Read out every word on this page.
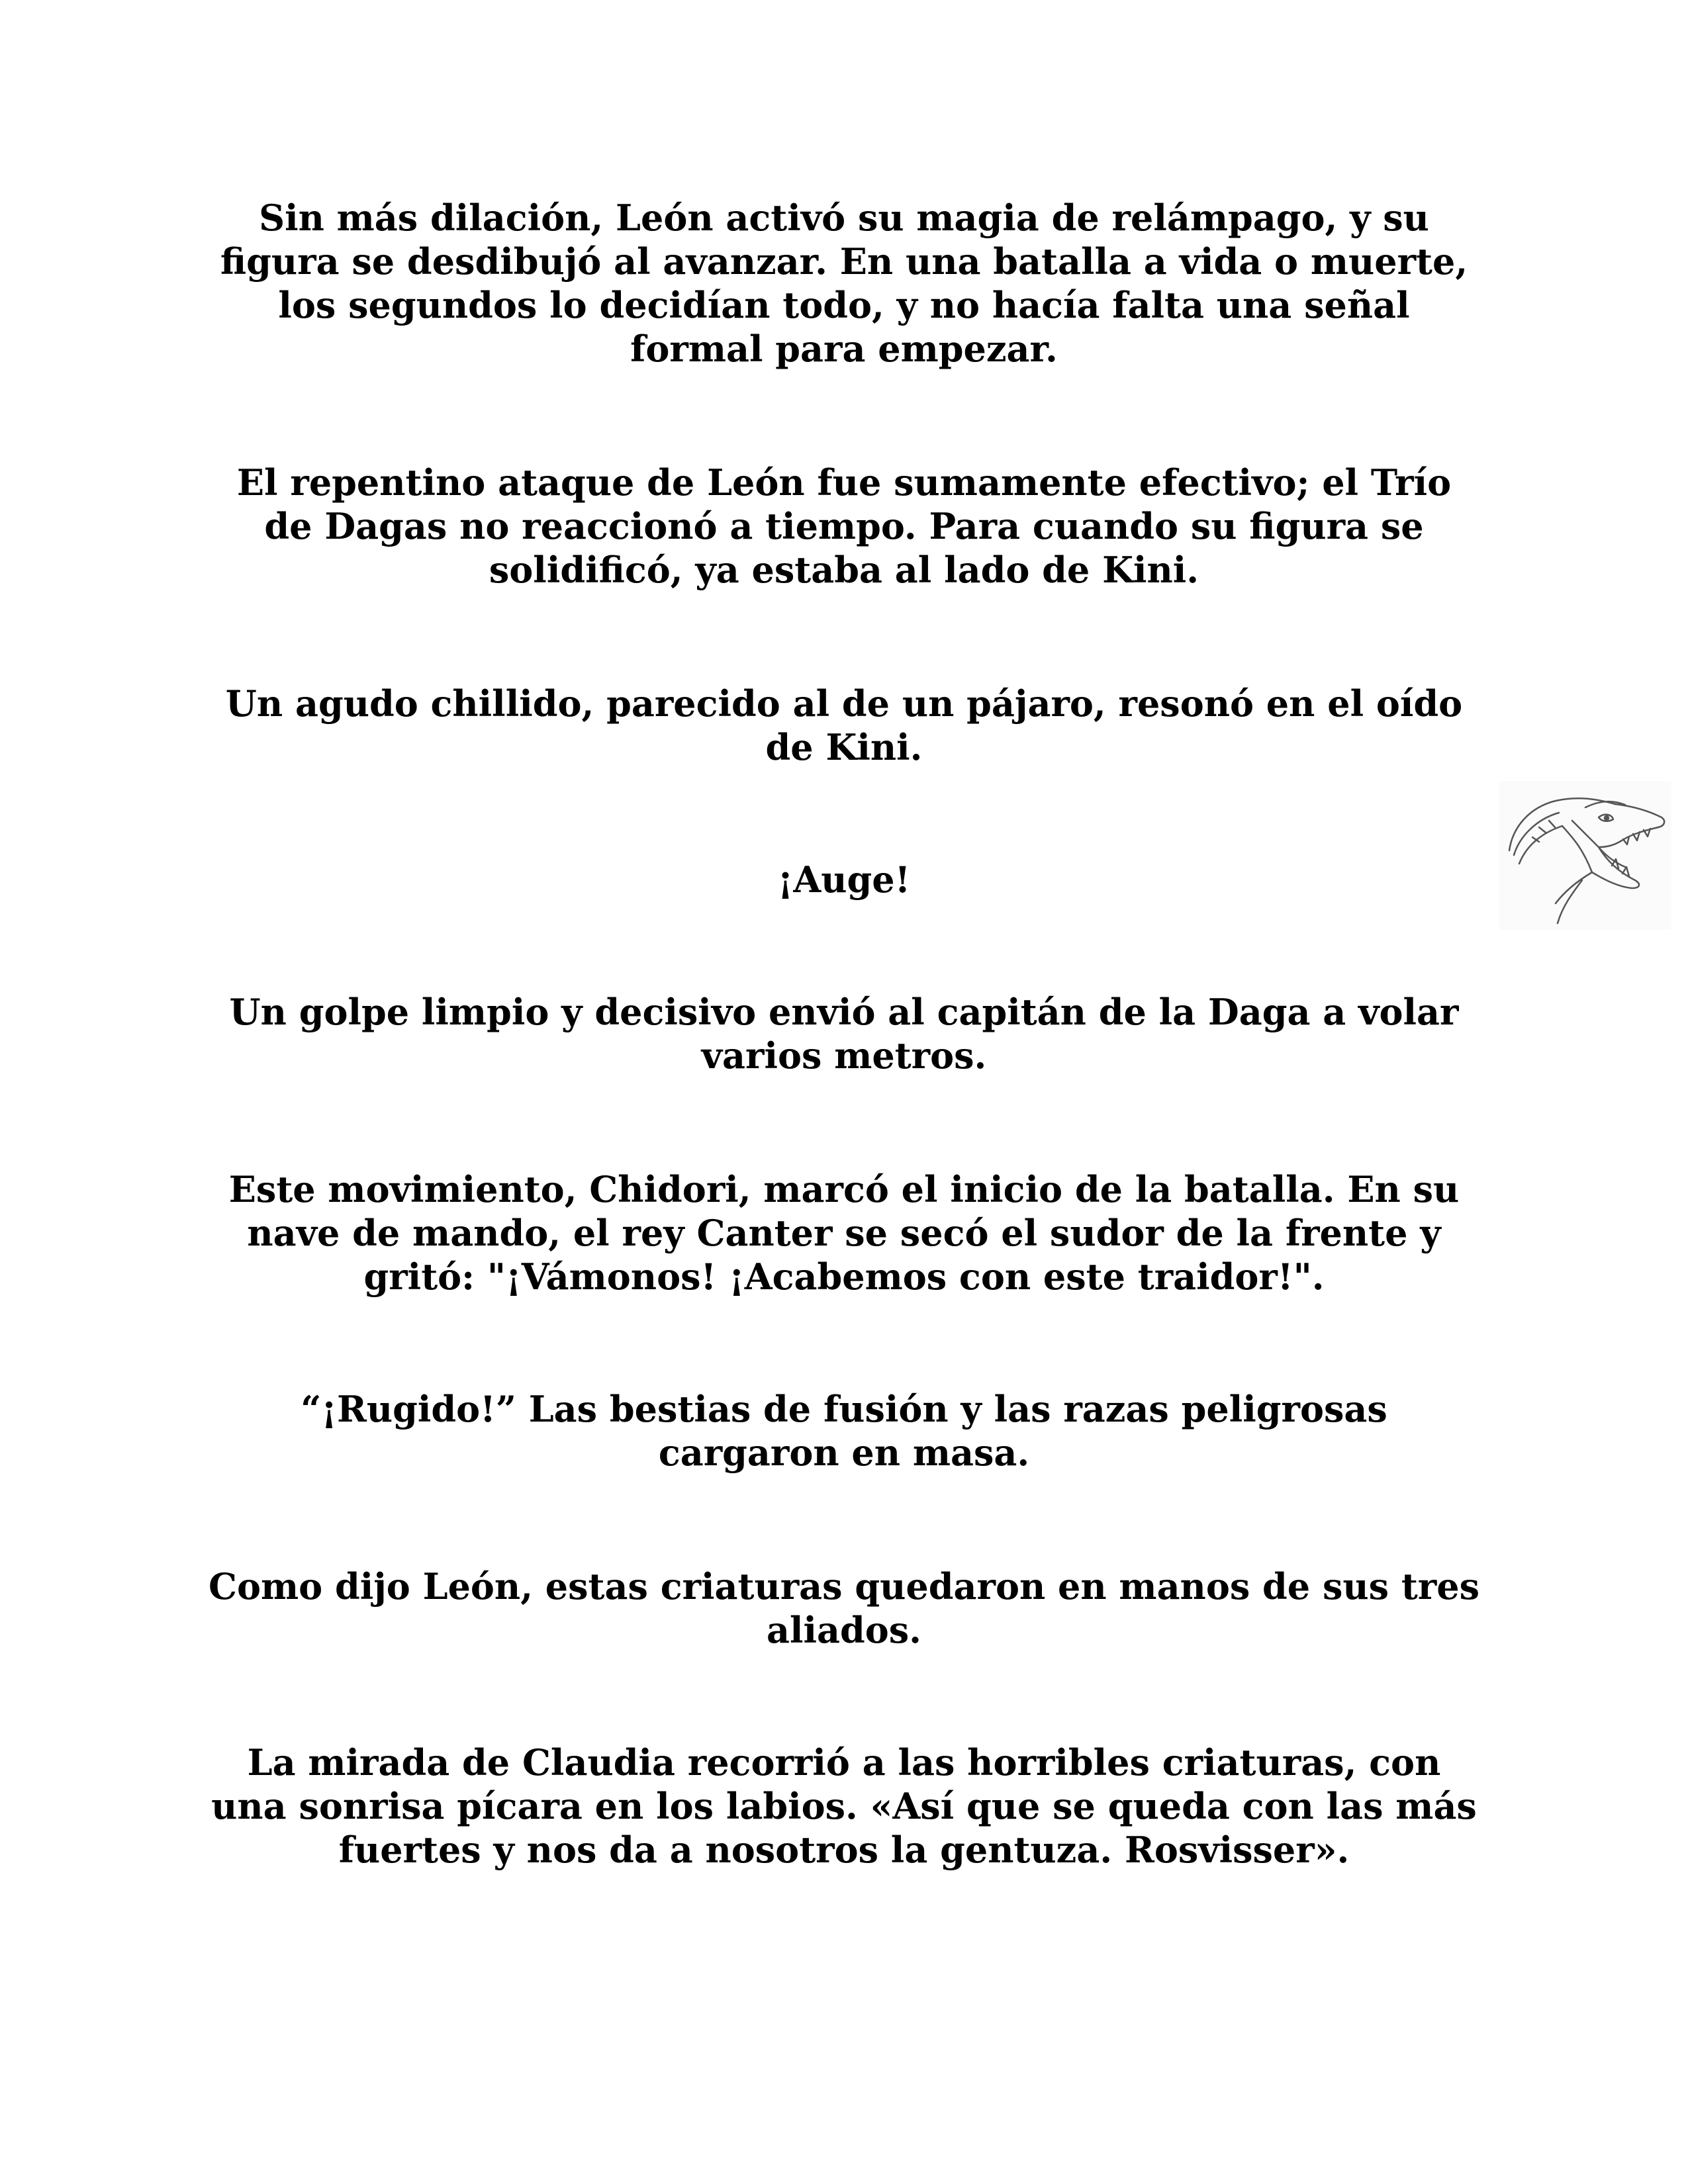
Sin más dilación, León activó su magia de relámpago, y su
figura se desdibujó al avanzar. En una batalla a vida o muerte,
los segundos lo decidían todo, y no hacía falta una señal
formal para empezar.

El repentino ataque de León fue sumamente efectivo; el Trío
de Dagas no reaccionó a tiempo. Para cuando su figura se
solidificó, ya estaba al lado de Kini.

Un agudo chillido, parecido al de un pájaro, resonó en el oído
de Kini.

¡Auge!

Un golpe limpio y decisivo envió al capitán de la Daga a volar
varios metros.

Este movimiento, Chidori, marcó el inicio de la batalla. En su
nave de mando, el rey Canter se secó el sudor de la frente y
gritó: "¡Vámonos! ¡Acabemos con este traidor!".

“¡Rugido!” Las bestias de fusión y las razas peligrosas
cargaron en masa.

Como dijo León, estas criaturas quedaron en manos de sus tres
aliados.

La mirada de Claudia recorrió a las horribles criaturas, con
una sonrisa pícara en los labios. «Así que se queda con las más
fuertes y nos da a nosotros la gentuza. Rosvisser».
